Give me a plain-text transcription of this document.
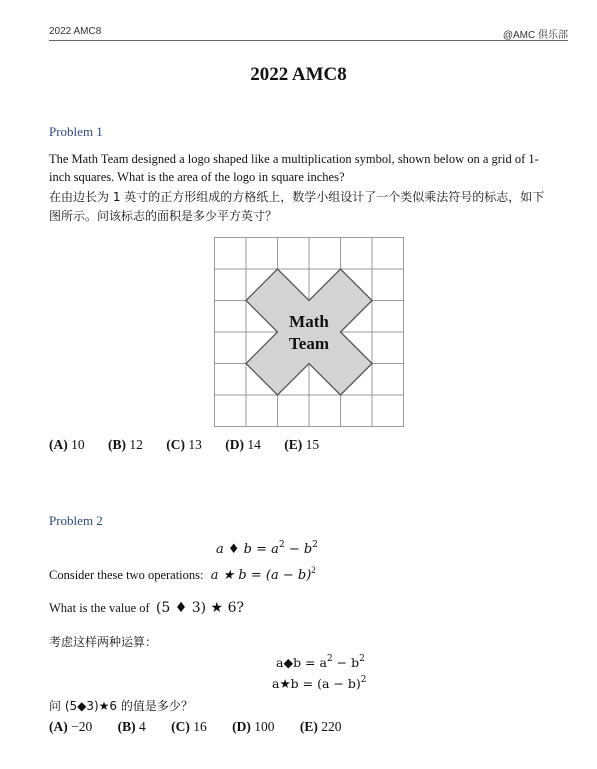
2022 AMC8	@AMC 俱乐部
2022 AMC8
Problem 1
The Math Team designed a logo shaped like a multiplication symbol, shown below on a grid of 1-inch squares. What is the area of the logo in square inches?
在由边长为 1 英寸的正方形组成的方格纸上，数学小组设计了一个类似乘法符号的标志，如下图所示。问该标志的面积是多少平方英寸？
Math
Team
(A) 10 (B) 12 (C) 13 (D) 14 (E) 15
Problem 2
a ♦ $b = a^2 - b^2$
Consider these two operations: a ★ $b = (a - b)^2$
What is the value of (5 ♦ 3) ★ 6?
考虑这样两种运算：
a◆b = $a^2 - b^2$
a★b = $(a - b)^2$
问 (5◆3)★6 的值是多少？
(A) −20 (B) 4 (C) 16 (D) 100 (E) 220
